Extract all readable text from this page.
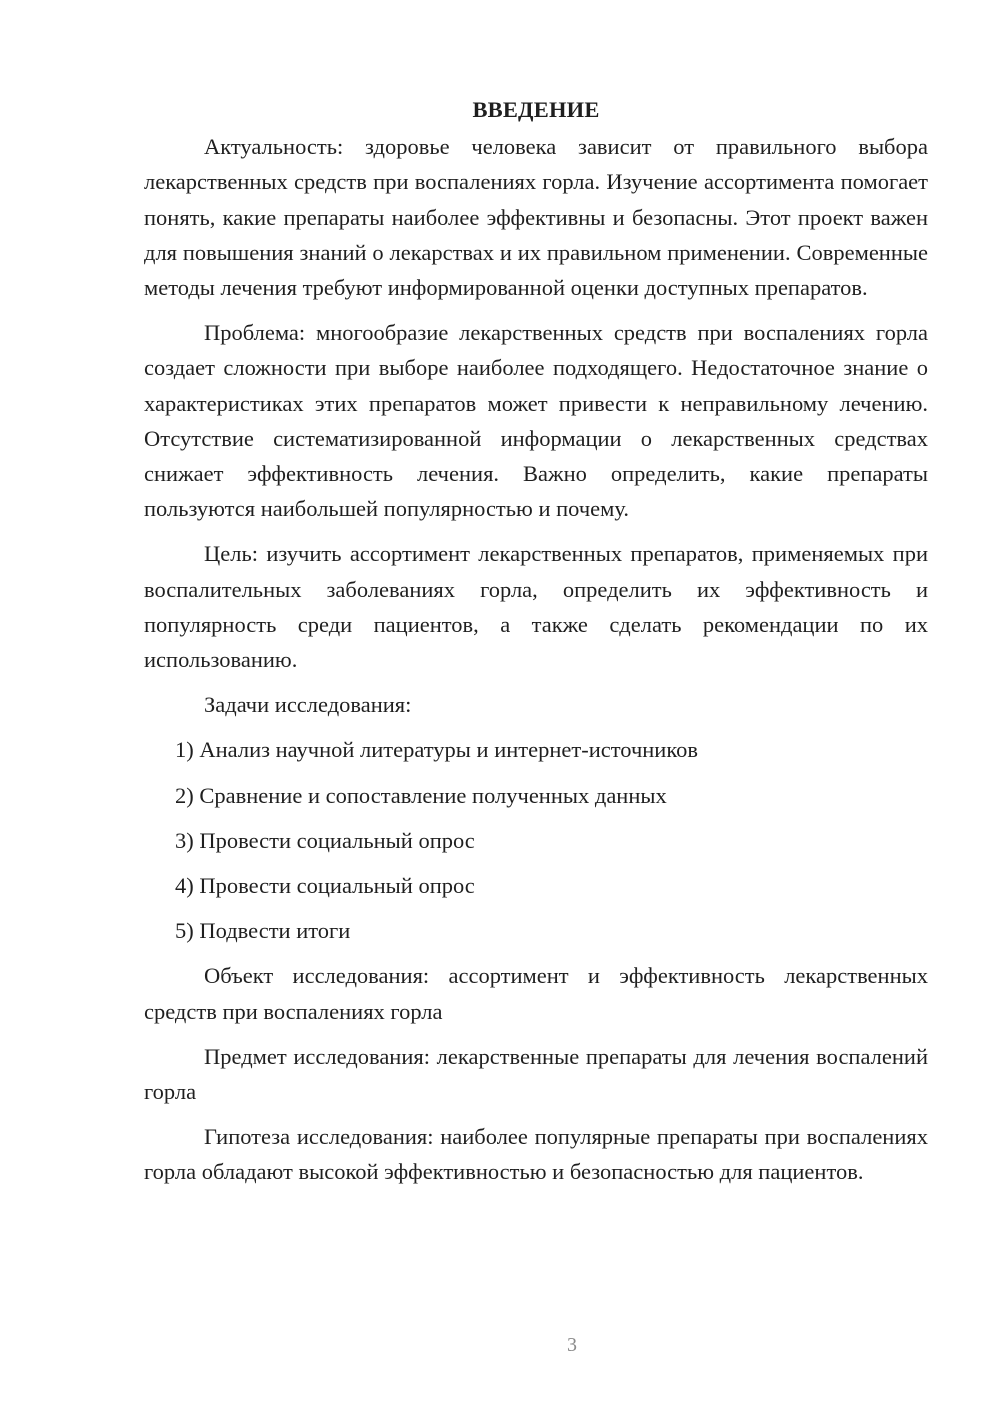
ВВЕДЕНИЕ

Актуальность: здоровье человека зависит от правильного выбора лекарственных средств при воспалениях горла. Изучение ассортимента помогает понять, какие препараты наиболее эффективны и безопасны. Этот проект важен для повышения знаний о лекарствах и их правильном применении. Современные методы лечения требуют информированной оценки доступных препаратов.

Проблема: многообразие лекарственных средств при воспалениях горла создает сложности при выборе наиболее подходящего. Недостаточное знание о характеристиках этих препаратов может привести к неправильному лечению. Отсутствие систематизированной информации о лекарственных средствах снижает эффективность лечения. Важно определить, какие препараты пользуются наибольшей популярностью и почему.

Цель: изучить ассортимент лекарственных препаратов, применяемых при воспалительных заболеваниях горла, определить их эффективность и популярность среди пациентов, а также сделать рекомендации по их использованию.

Задачи исследования:

1) Анализ научной литературы и интернет-источников
2) Сравнение и сопоставление полученных данных
3) Провести социальный опрос
4) Провести социальный опрос
5) Подвести итоги

Объект исследования: ассортимент и эффективность лекарственных средств при воспалениях горла

Предмет исследования: лекарственные препараты для лечения воспалений горла

Гипотеза исследования: наиболее популярные препараты при воспалениях горла обладают высокой эффективностью и безопасностью для пациентов.

3
